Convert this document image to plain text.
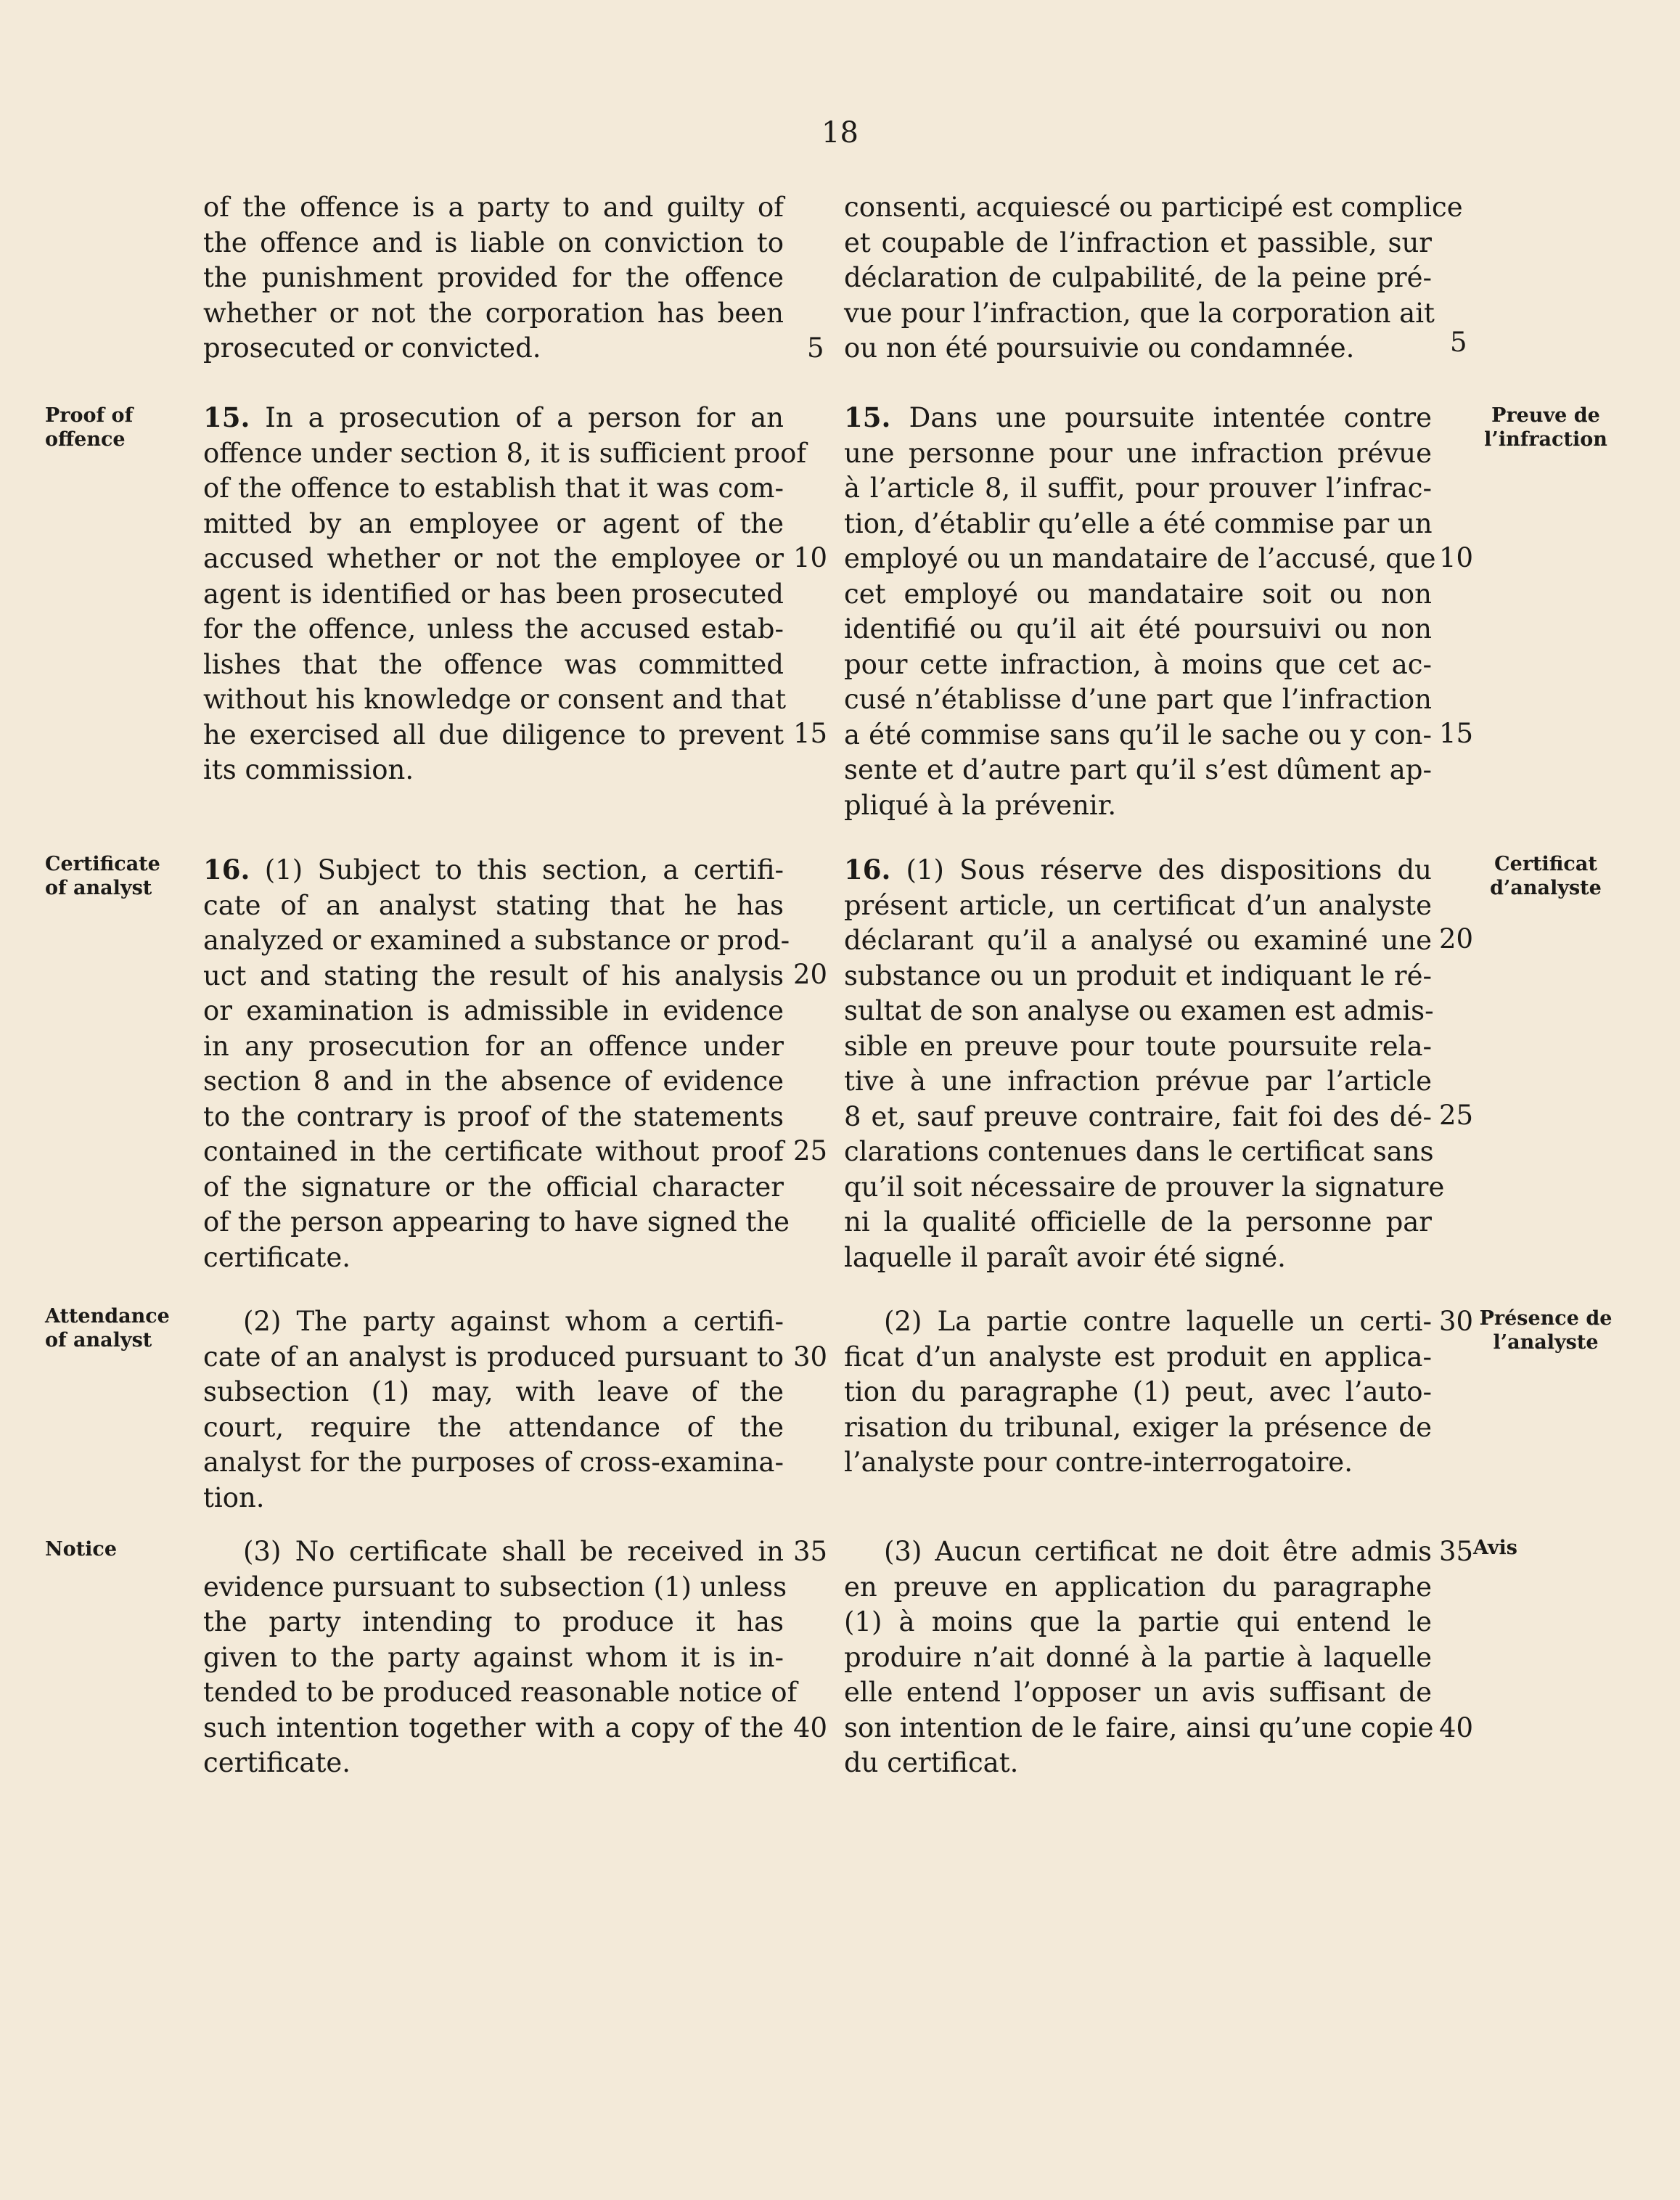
18
of the offence is a party to and guilty of
the offence and is liable on conviction to
the punishment provided for the offence
whether or not the corporation has been
prosecuted or convicted.	5
consenti, acquiescé ou participé est complice
et coupable de l’infraction et passible, sur
déclaration de culpabilité, de la peine pré-
vue pour l’infraction, que la corporation ait
ou non été poursuivie ou condamnée.	5
Proof of
offence
15. In a prosecution of a person for an
offence under section 8, it is sufficient proof
of the offence to establish that it was com-
mitted by an employee or agent of the
accused whether or not the employee or
agent is identified or has been prosecuted
for the offence, unless the accused estab-
lishes that the offence was committed
without his knowledge or consent and that
he exercised all due diligence to prevent
its commission.
10
15
15. Dans une poursuite intentée contre
une personne pour une infraction prévue
à l’article 8, il suffit, pour prouver l’infrac-
tion, d’établir qu’elle a été commise par un
employé ou un mandataire de l’accusé, que
cet employé ou mandataire soit ou non
identifié ou qu’il ait été poursuivi ou non
pour cette infraction, à moins que cet ac-
cusé n’établisse d’une part que l’infraction
a été commise sans qu’il le sache ou y con-
sente et d’autre part qu’il s’est dûment ap-
pliqué à la prévenir.
10
15
Preuve de
l’infraction
Certificate
of analyst
16. (1) Subject to this section, a certifi-
cate of an analyst stating that he has
analyzed or examined a substance or prod-
uct and stating the result of his analysis
or examination is admissible in evidence
in any prosecution for an offence under
section 8 and in the absence of evidence
to the contrary is proof of the statements
contained in the certificate without proof
of the signature or the official character
of the person appearing to have signed the
certificate.
20
25
16. (1) Sous réserve des dispositions du
présent article, un certificat d’un analyste
déclarant qu’il a analysé ou examiné une
substance ou un produit et indiquant le ré-
sultat de son analyse ou examen est admis-
sible en preuve pour toute poursuite rela-
tive à une infraction prévue par l’article
8 et, sauf preuve contraire, fait foi des dé-
clarations contenues dans le certificat sans
qu’il soit nécessaire de prouver la signature
ni la qualité officielle de la personne par
laquelle il paraît avoir été signé.
20
25
Certificat
d’analyste
Attendance
of analyst
(2) The party against whom a certifi-
cate of an analyst is produced pursuant to
subsection (1) may, with leave of the
court, require the attendance of the
analyst for the purposes of cross-examina-
tion.
30
(2) La partie contre laquelle un certi-
ficat d’un analyste est produit en applica-
tion du paragraphe (1) peut, avec l’auto-
risation du tribunal, exiger la présence de
l’analyste pour contre-interrogatoire.
30 Présence de
l’analyste
Notice	(3) No certificate shall be received in
evidence pursuant to subsection (1) unless
the party intending to produce it has
given to the party against whom it is in-
tended to be produced reasonable notice of
such intention together with a copy of the
certificate.
35
40
(3) Aucun certificat ne doit être admis
en preuve en application du paragraphe
(1) à moins que la partie qui entend le
produire n’ait donné à la partie à laquelle
elle entend l’opposer un avis suffisant de
son intention de le faire, ainsi qu’une copie
du certificat.
35
40
Avis
